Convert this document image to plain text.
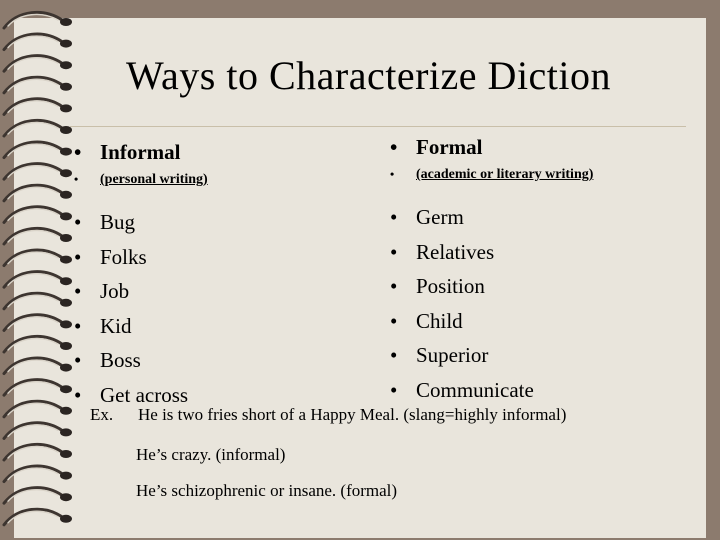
Ways to Characterize Diction
• Informal
•	(personal writing)
• Bug
• Folks
• Job
• Kid
• Boss
• Get across
• Formal
•	(academic or literary writing)
• Germ
• Relatives
• Position
• Child
• Superior
• Communicate
Ex. He is two fries short of a Happy Meal. (slang=highly informal)
He’s crazy. (informal)
He’s schizophrenic or insane. (formal)
